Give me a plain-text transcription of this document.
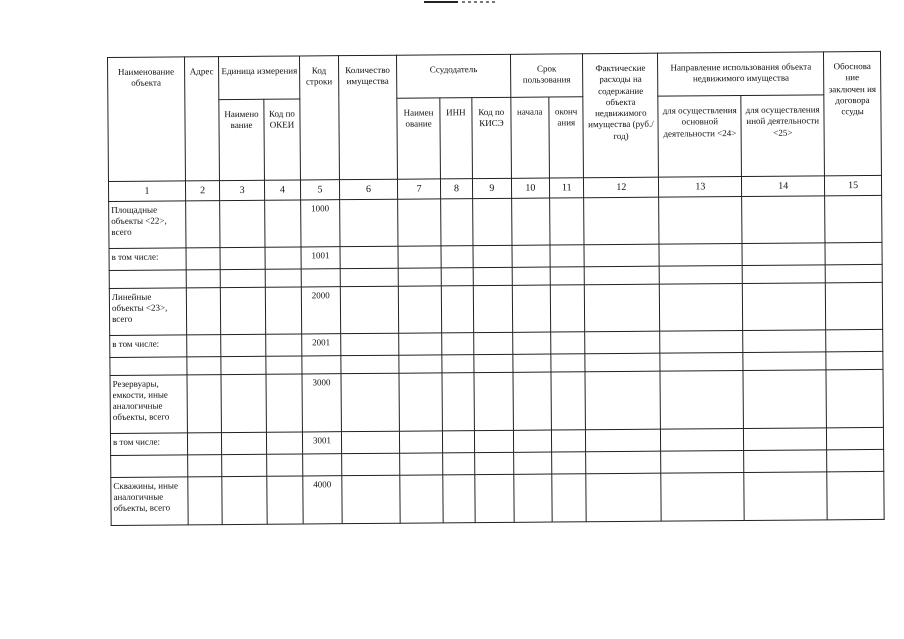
Наименование объекта	Адрес	Единица измерения		Код строки	Количество имущества	Ссудодатель			Срок пользования		Фактические расходы на содержание объекта недвижимого имущества (руб./год)	Направление использования объекта недвижимого имущества		Обоснова ние заключен ия договора ссуды
		Наимено вание	Код по ОКЕИ			Наимен ование	ИНН	Код по КИСЭ	начала	оконч ания		для осуществления основной деятельности <24>	для осуществления иной деятельности <25>	
1	2	3	4	5	6	7	8	9	10	11	12	13	14	15
Площадные объекты <22>, всего				1000										
в том числе:				1001										

Линейные объекты <23>, всего				2000										
в том числе:				2001										

Резервуары, емкости, иные аналогичные объекты, всего				3000										
в том числе:				3001										

Скважины, иные аналогичные объекты, всего				4000										
